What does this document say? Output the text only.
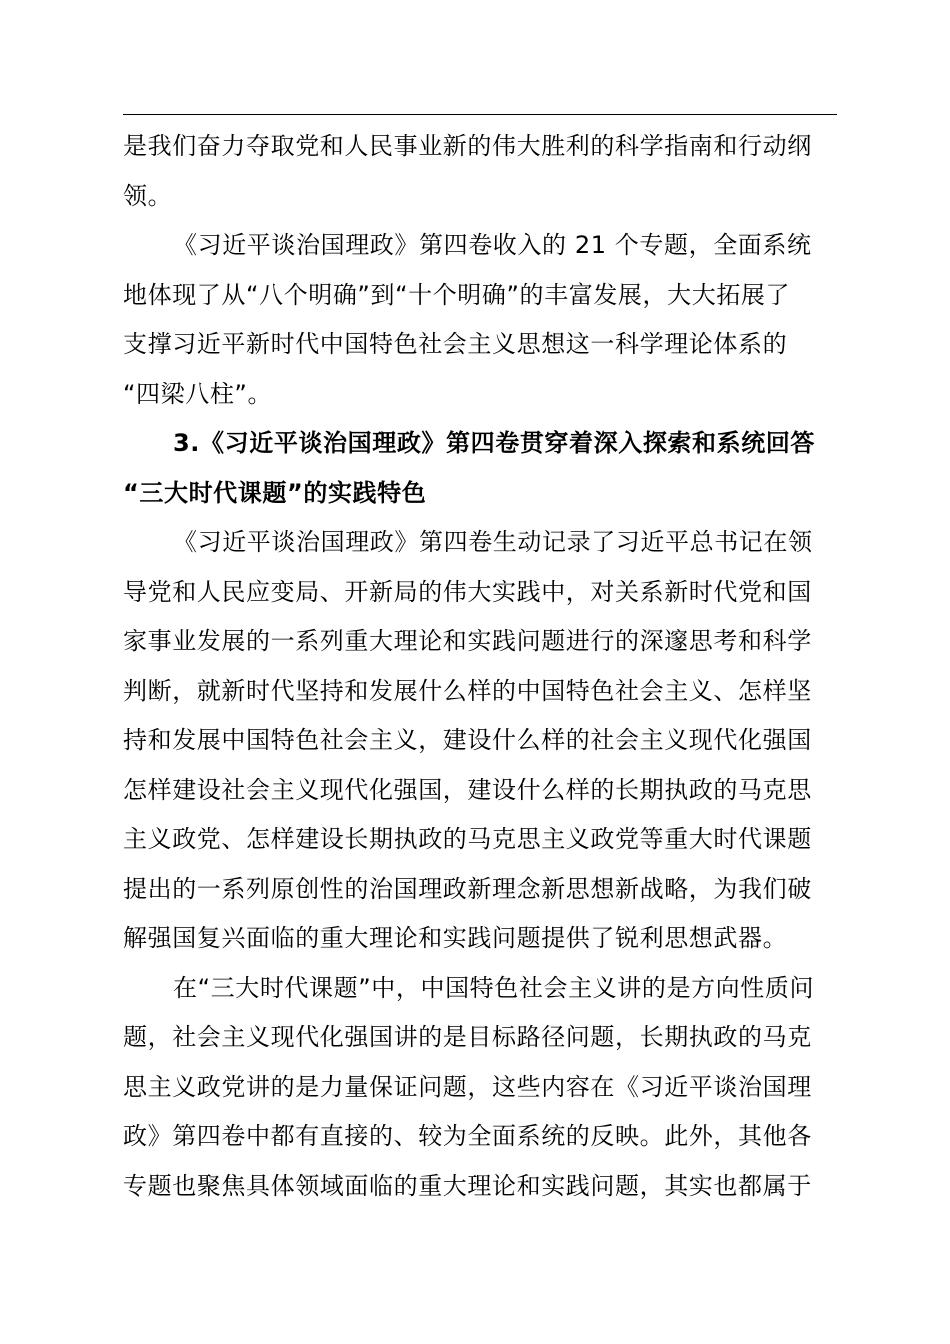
是我们奋力夺取党和人民事业新的伟大胜利的科学指南和行动纲
领。
《习近平谈治国理政》第四卷收入的 21 个专题，全面系统
地体现了从“八个明确”到“十个明确”的丰富发展，大大拓展了
支撑习近平新时代中国特色社会主义思想这一科学理论体系的
“四梁八柱”。
3.《习近平谈治国理政》第四卷贯穿着深入探索和系统回答
“三大时代课题”的实践特色
《习近平谈治国理政》第四卷生动记录了习近平总书记在领
导党和人民应变局、开新局的伟大实践中，对关系新时代党和国
家事业发展的一系列重大理论和实践问题进行的深邃思考和科学
判断，就新时代坚持和发展什么样的中国特色社会主义、怎样坚
持和发展中国特色社会主义，建设什么样的社会主义现代化强国
怎样建设社会主义现代化强国，建设什么样的长期执政的马克思
主义政党、怎样建设长期执政的马克思主义政党等重大时代课题
提出的一系列原创性的治国理政新理念新思想新战略，为我们破
解强国复兴面临的重大理论和实践问题提供了锐利思想武器。
在“三大时代课题”中，中国特色社会主义讲的是方向性质问
题，社会主义现代化强国讲的是目标路径问题，长期执政的马克
思主义政党讲的是力量保证问题，这些内容在《习近平谈治国理
政》第四卷中都有直接的、较为全面系统的反映。此外，其他各
专题也聚焦具体领域面临的重大理论和实践问题，其实也都属于
